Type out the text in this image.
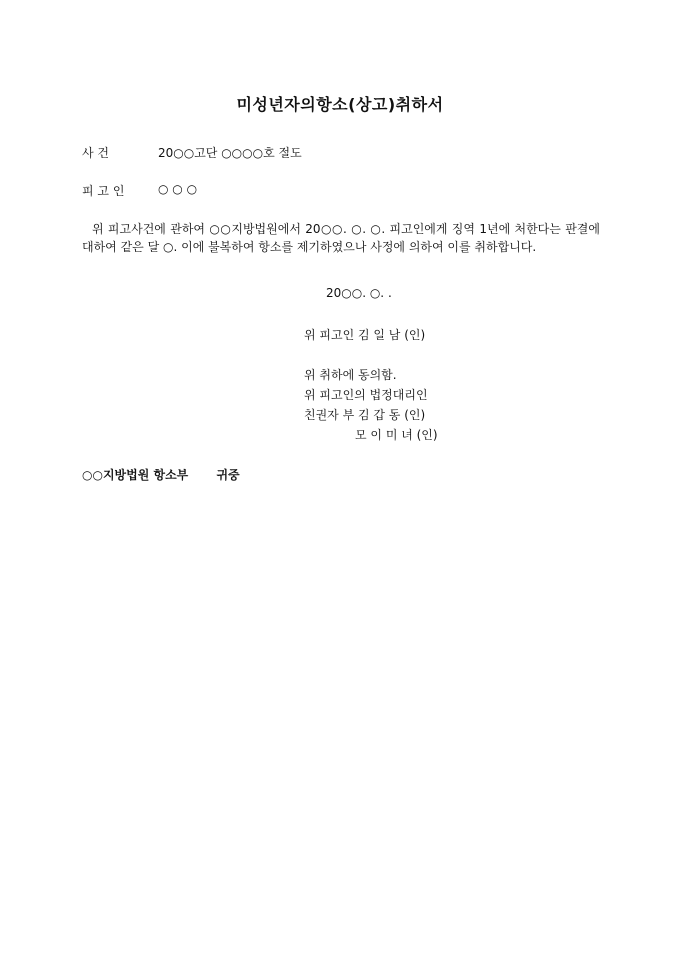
미성년자의항소(상고)취하서
사 건	20○○고단 ○○○○호 절도
피 고 인	○ ○ ○
위 피고사건에 관하여 ○○지방법원에서 20○○. ○. ○. 피고인에게 징역 1년에 처한다는 판결에 대하여 같은 달 ○. 이에 불복하여 항소를 제기하였으나 사정에 의하여 이를 취하합니다.
20○○. ○. .
위 피고인 김 일 남 (인)
위 취하에 동의함.
위 피고인의 법정대리인
친권자 부 김 갑 동 (인)
모 이 미 녀 (인)
○○지방법원 항소부 귀중
